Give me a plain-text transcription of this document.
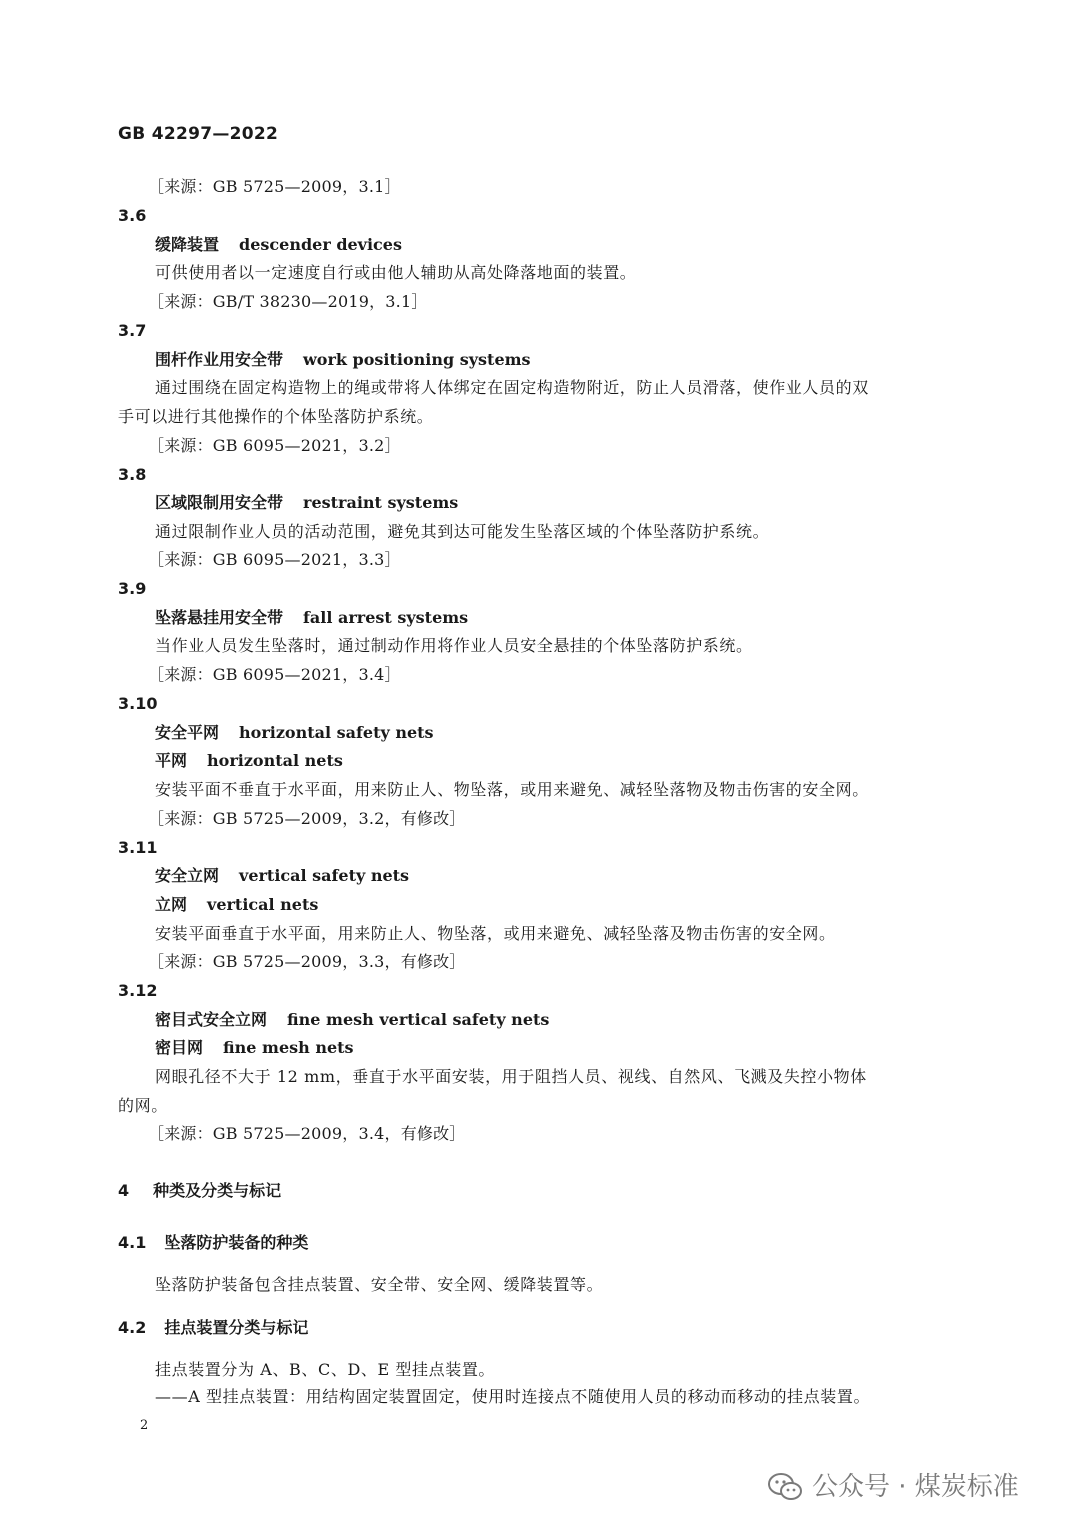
GB 42297—2022
［来源：GB 5725—2009，3.1］
3.6
缓降装置 descender devices
可供使用者以一定速度自行或由他人辅助从高处降落地面的装置。
［来源：GB/T 38230—2019，3.1］
3.7
围杆作业用安全带 work positioning systems
通过围绕在固定构造物上的绳或带将人体绑定在固定构造物附近，防止人员滑落，使作业人员的双
手可以进行其他操作的个体坠落防护系统。
［来源：GB 6095—2021，3.2］
3.8
区域限制用安全带 restraint systems
通过限制作业人员的活动范围，避免其到达可能发生坠落区域的个体坠落防护系统。
［来源：GB 6095—2021，3.3］
3.9
坠落悬挂用安全带 fall arrest systems
当作业人员发生坠落时，通过制动作用将作业人员安全悬挂的个体坠落防护系统。
［来源：GB 6095—2021，3.4］
3.10
安全平网 horizontal safety nets
平网 horizontal nets
安装平面不垂直于水平面，用来防止人、物坠落，或用来避免、减轻坠落物及物击伤害的安全网。
［来源：GB 5725—2009，3.2，有修改］
3.11
安全立网 vertical safety nets
立网 vertical nets
安装平面垂直于水平面，用来防止人、物坠落，或用来避免、减轻坠落及物击伤害的安全网。
［来源：GB 5725—2009，3.3，有修改］
3.12
密目式安全立网 fine mesh vertical safety nets
密目网 fine mesh nets
网眼孔径不大于 12 mm，垂直于水平面安装，用于阻挡人员、视线、自然风、飞溅及失控小物体
的网。
［来源：GB 5725—2009，3.4，有修改］
4 种类及分类与标记
4.1 坠落防护装备的种类
坠落防护装备包含挂点装置、安全带、安全网、缓降装置等。
4.2 挂点装置分类与标记
挂点装置分为 A、B、C、D、E 型挂点装置。
——A 型挂点装置：用结构固定装置固定，使用时连接点不随使用人员的移动而移动的挂点装置。
2
公众号 · 煤炭标准
